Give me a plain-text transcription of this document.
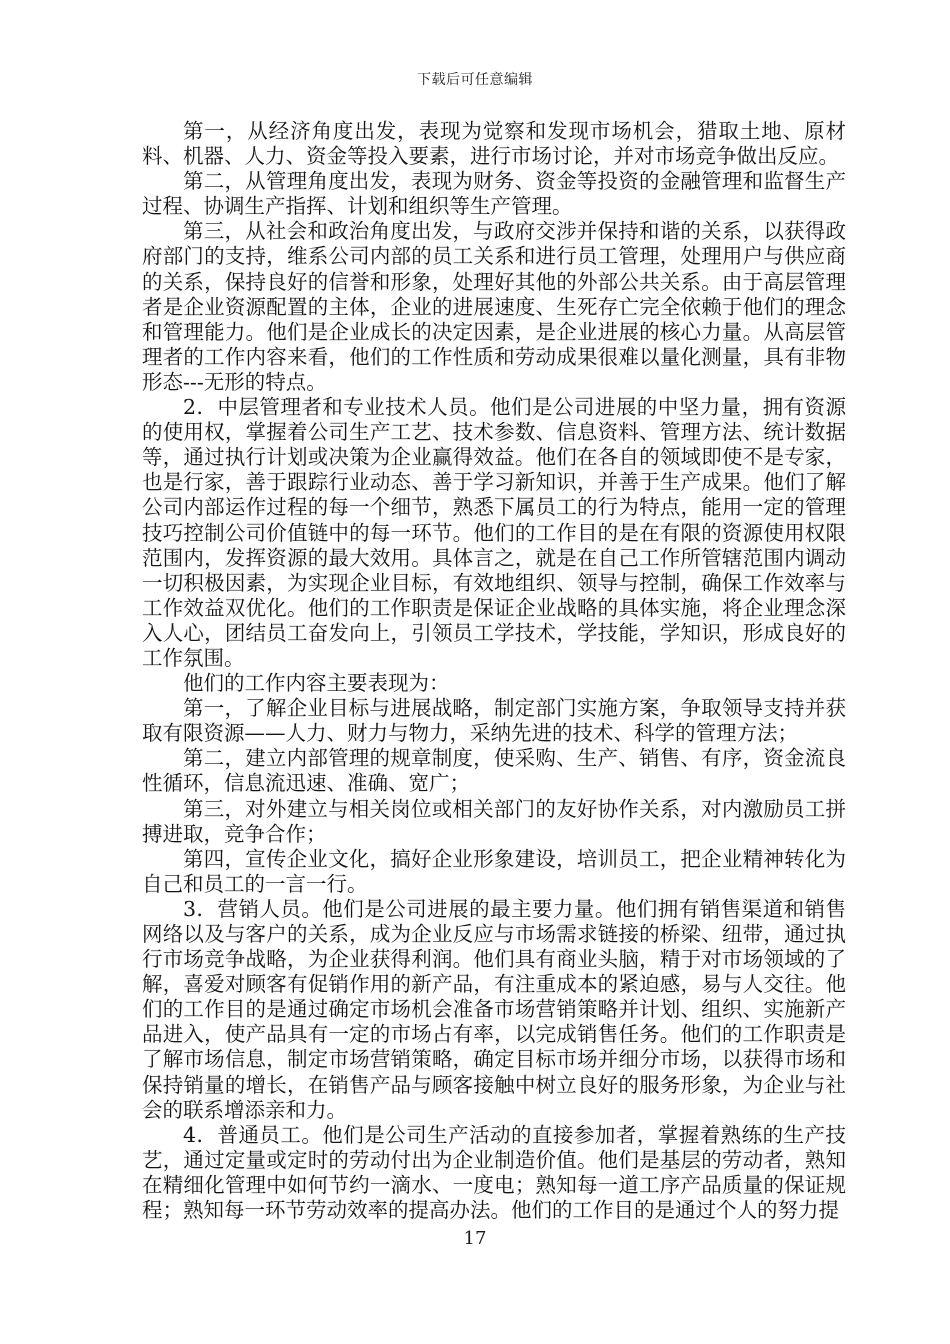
下载后可任意编辑

第一，从经济角度出发，表现为觉察和发现市场机会，猎取土地、原材料、机器、人力、资金等投入要素，进行市场讨论，并对市场竞争做出反应。

第二，从管理角度出发，表现为财务、资金等投资的金融管理和监督生产过程、协调生产指挥、计划和组织等生产管理。

第三，从社会和政治角度出发，与政府交涉并保持和谐的关系，以获得政府部门的支持，维系公司内部的员工关系和进行员工管理，处理用户与供应商的关系，保持良好的信誉和形象，处理好其他的外部公共关系。由于高层管理者是企业资源配置的主体，企业的进展速度、生死存亡完全依赖于他们的理念和管理能力。他们是企业成长的决定因素，是企业进展的核心力量。从高层管理者的工作内容来看，他们的工作性质和劳动成果很难以量化测量，具有非物形态---无形的特点。

2．中层管理者和专业技术人员。他们是公司进展的中坚力量，拥有资源的使用权，掌握着公司生产工艺、技术参数、信息资料、管理方法、统计数据等，通过执行计划或决策为企业赢得效益。他们在各自的领域即使不是专家，也是行家，善于跟踪行业动态、善于学习新知识，并善于生产成果。他们了解公司内部运作过程的每一个细节，熟悉下属员工的行为特点，能用一定的管理技巧控制公司价值链中的每一环节。他们的工作目的是在有限的资源使用权限范围内，发挥资源的最大效用。具体言之，就是在自己工作所管辖范围内调动一切积极因素，为实现企业目标，有效地组织、领导与控制，确保工作效率与工作效益双优化。他们的工作职责是保证企业战略的具体实施，将企业理念深入人心，团结员工奋发向上，引领员工学技术，学技能，学知识，形成良好的工作氛围。

他们的工作内容主要表现为：

第一，了解企业目标与进展战略，制定部门实施方案，争取领导支持并获取有限资源——人力、财力与物力，采纳先进的技术、科学的管理方法；

第二，建立内部管理的规章制度，使采购、生产、销售、有序，资金流良性循环，信息流迅速、准确、宽广；

第三，对外建立与相关岗位或相关部门的友好协作关系，对内激励员工拼搏进取，竞争合作；

第四，宣传企业文化，搞好企业形象建设，培训员工，把企业精神转化为自己和员工的一言一行。

3．营销人员。他们是公司进展的最主要力量。他们拥有销售渠道和销售网络以及与客户的关系，成为企业反应与市场需求链接的桥梁、纽带，通过执行市场竞争战略，为企业获得利润。他们具有商业头脑，精于对市场领域的了解，喜爱对顾客有促销作用的新产品，有注重成本的紧迫感，易与人交往。他们的工作目的是通过确定市场机会准备市场营销策略并计划、组织、实施新产品进入，使产品具有一定的市场占有率，以完成销售任务。他们的工作职责是了解市场信息，制定市场营销策略，确定目标市场并细分市场，以获得市场和保持销量的增长，在销售产品与顾客接触中树立良好的服务形象，为企业与社会的联系增添亲和力。

4．普通员工。他们是公司生产活动的直接参加者，掌握着熟练的生产技艺，通过定量或定时的劳动付出为企业制造价值。他们是基层的劳动者，熟知在精细化管理中如何节约一滴水、一度电；熟知每一道工序产品质量的保证规程；熟知每一环节劳动效率的提高办法。他们的工作目的是通过个人的努力提

17
